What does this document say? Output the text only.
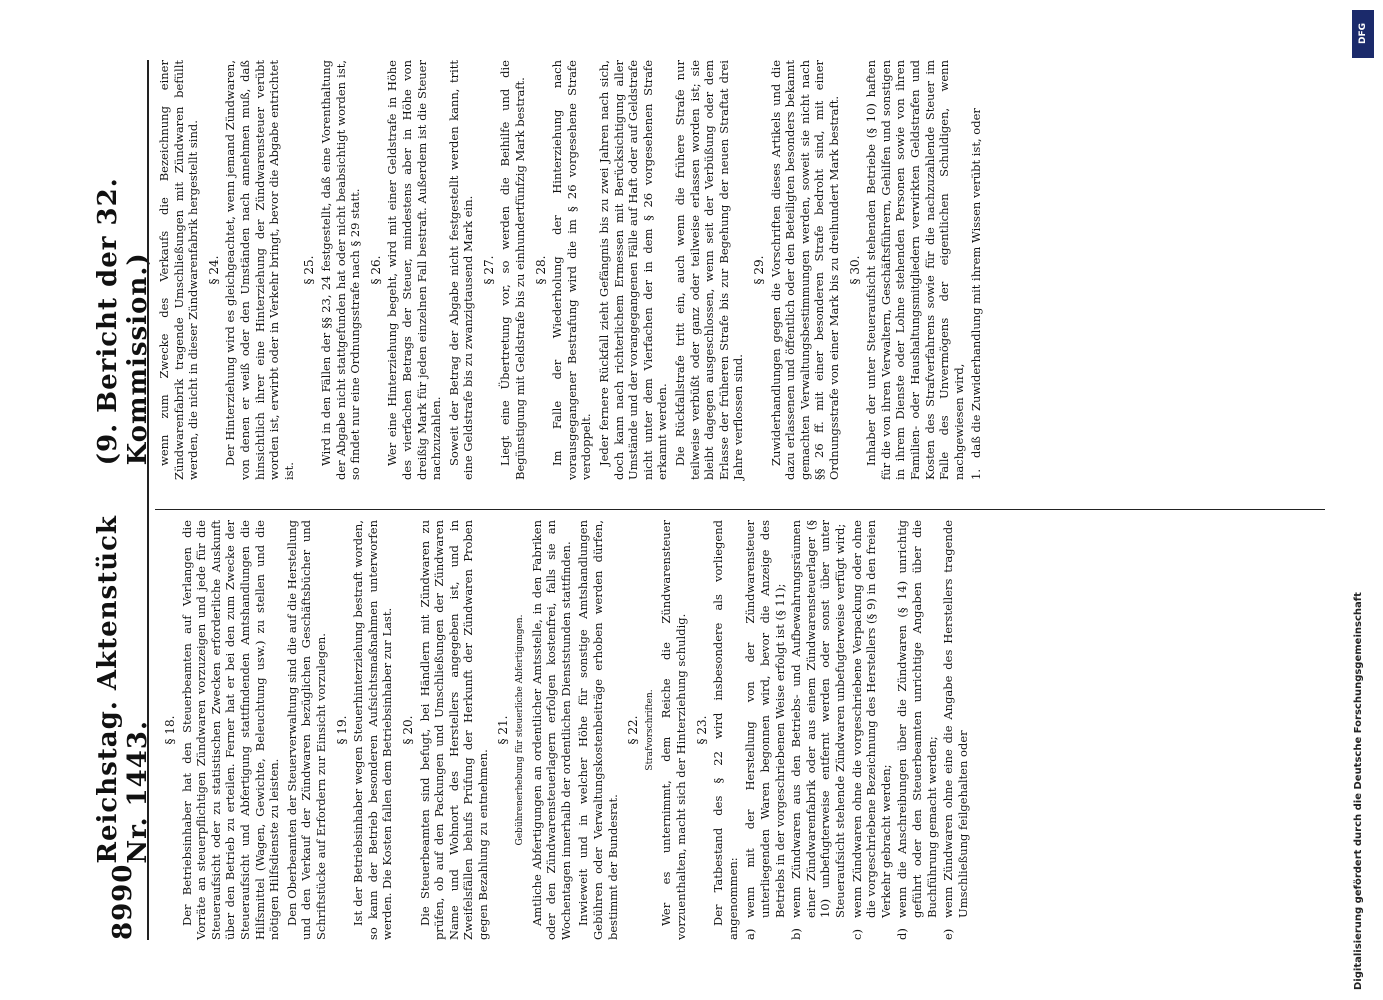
8990
Reichstag. Aktenstück Nr. 1443.
(9. Bericht der 32. Kommission.)
§ 18. Der Betriebsinhaber hat den Steuerbeamten auf Verlangen die Vorräte an steuerpflichtigen Zündwaren vorzuzeigen und jede für die Steueraufsicht oder zu statistischen Zwecken erforderliche Auskunft über den Betrieb zu erteilen. Ferner hat er bei den zum Zwecke der Steueraufsicht und Abfertigung stattfindenden Amtshandlungen die Hilfsmittel (Wagen, Gewichte, Beleuchtung usw.) zu stellen und die nötigen Hilfsdienste zu leisten. Den Oberbeamten der Steuerverwaltung sind die auf die Herstellung und den Verkauf der Zündwaren bezüglichen Geschäftsbücher und Schriftstücke auf Erfordern zur Einsicht vorzulegen. § 19. Ist der Betriebsinhaber wegen Steuerhinterziehung bestraft worden, so kann der Betrieb besonderen Aufsichtsmaßnahmen unterworfen werden. Die Kosten fallen dem Betriebsinhaber zur Last. § 20. Die Steuerbeamten sind befugt, bei Händlern mit Zündwaren zu prüfen, ob auf den Packungen und Umschließungen der Zündwaren Name und Wohnort des Herstellers angegeben ist, und in Zweifelsfällen behufs Prüfung der Herkunft der Zündwaren Proben gegen Bezahlung zu entnehmen.

§ 21. Gebührenerhebung für steuerliche Abfertigungen. Amtliche Abfertigungen an ordentlicher Amtsstelle, in den Fabriken oder den Zündwarensteuerlagern erfolgen kostenfrei, falls sie an Wochentagen innerhalb der ordentlichen Dienststunden stattfinden. Inwieweit und in welcher Höhe für sonstige Amtshandlungen Gebühren oder Verwaltungskostenbeiträge erhoben werden dürfen, bestimmt der Bundesrat.

§ 22. Strafvorschriften. Wer es unternimmt, dem Reiche die Zündwarensteuer vorzuenthalten, macht sich der Hinterziehung schuldig. § 23. Der Tatbestand des § 22 wird insbesondere als vorliegend angenommen: a)
wenn mit der Herstellung von der Zündwarensteuer unterliegenden Waren begonnen wird, bevor die Anzeige des Betriebs in der vorgeschriebenen Weise erfolgt ist (§ 11);
b)
wenn Zündwaren aus den Betriebs- und Aufbewahrungsräumen einer Zündwarenfabrik oder aus einem Zündwarensteuerlager (§ 10) unbefugterweise entfernt werden oder sonst über unter Steueraufsicht stehende Zündwaren unbefugterweise verfügt wird;
c)
wenn Zündwaren ohne die vorgeschriebene Verpackung oder ohne die vorgeschriebene Bezeichnung des Herstellers (§ 9) in den freien Verkehr gebracht werden;
d)
wenn die Anschreibungen über die Zündwaren (§ 14) unrichtig geführt oder den Steuerbeamten unrichtige Angaben über die Buchführung gemacht werden;
e)
wenn Zündwaren ohne eine die Angabe des Herstellers tragende Umschließung feilgehalten oder

wenn zum Zwecke des Verkaufs die Bezeichnung einer Zündwarenfabrik tragende Umschließungen mit Zündwaren befüllt werden, die nicht in dieser Zündwarenfabrik hergestellt sind. § 24. Der Hinterziehung wird es gleichgeachtet, wenn jemand Zündwaren, von denen er weiß oder den Umständen nach annehmen muß, daß hinsichtlich ihrer eine Hinterziehung der Zündwarensteuer verübt worden ist, erwirbt oder in Verkehr bringt, bevor die Abgabe entrichtet ist.

§ 25. Wird in den Fällen der §§ 23, 24 festgestellt, daß eine Vorenthaltung der Abgabe nicht stattgefunden hat oder nicht beabsichtigt worden ist, so findet nur eine Ordnungsstrafe nach § 29 statt. § 26. Wer eine Hinterziehung begeht, wird mit einer Geldstrafe in Höhe des vierfachen Betrags der Steuer, mindestens aber in Höhe von dreißig Mark für jeden einzelnen Fall bestraft. Außerdem ist die Steuer nachzuzahlen. Soweit der Betrag der Abgabe nicht festgestellt werden kann, tritt eine Geldstrafe bis zu zwanzigtausend Mark ein. § 27. Liegt eine Übertretung vor, so werden die Beihilfe und die Begünstigung mit Geldstrafe bis zu einhundertfünfzig Mark bestraft. § 28. Im Falle der Wiederholung der Hinterziehung nach vorausgegangener Bestrafung wird die im § 26 vorgesehene Strafe verdoppelt. Jeder fernere Rückfall zieht Gefängnis bis zu zwei Jahren nach sich, doch kann nach richterlichem Ermessen mit Berücksichtigung aller Umstände und der vorangegangenen Fälle auf Haft oder auf Geldstrafe nicht unter dem Vierfachen der in dem § 26 vorgesehenen Strafe erkannt werden. Die Rückfallstrafe tritt ein, auch wenn die frühere Strafe nur teilweise verbüßt oder ganz oder teilweise erlassen worden ist; sie bleibt dagegen ausgeschlossen, wenn seit der Verbüßung oder dem Erlasse der früheren Strafe bis zur Begehung der neuen Straftat drei Jahre verflossen sind.

§ 29. Zuwiderhandlungen gegen die Vorschriften dieses Artikels und die dazu erlassenen und öffentlich oder den Beteiligten besonders bekannt gemachten Verwaltungsbestimmungen werden, soweit sie nicht nach §§ 26 ff. mit einer besonderen Strafe bedroht sind, mit einer Ordnungsstrafe von einer Mark bis zu dreihundert Mark bestraft. § 30. Inhaber der unter Steueraufsicht stehenden Betriebe (§ 10) haften für die von ihren Verwaltern, Geschäftsführern, Gehilfen und sonstigen in ihrem Dienste oder Lohne stehenden Personen sowie von ihren Familien- oder Haushaltungsmitgliedern verwirkten Geldstrafen und Kosten des Strafverfahrens sowie für die nachzuzahlende Steuer im Falle des Unvermögens der eigentlichen Schuldigen, wenn nachgewiesen wird, 1.
daß die Zuwiderhandlung mit ihrem Wissen verübt ist, oder
DFG
Digitalisierung gefördert durch die Deutsche Forschungsgemeinschaft
